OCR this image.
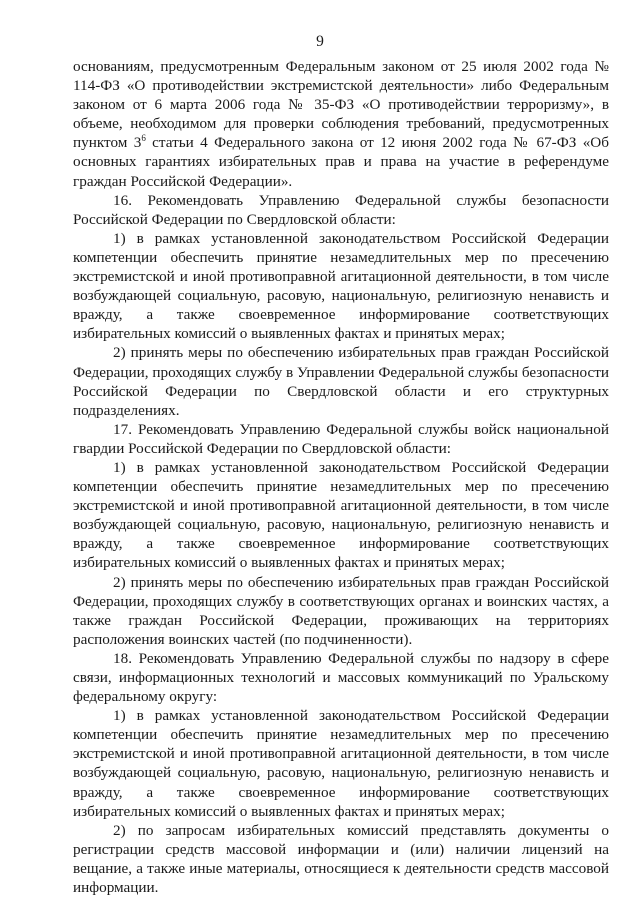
9

основаниям, предусмотренным Федеральным законом от 25 июля 2002 года № 114-ФЗ «О противодействии экстремистской деятельности» либо Федеральным законом от 6 марта 2006 года № 35-ФЗ «О противодействии терроризму», в объеме, необходимом для проверки соблюдения требований, предусмотренных пунктом $3^6$ статьи 4 Федерального закона от 12 июня 2002 года № 67-ФЗ «Об основных гарантиях избирательных прав и права на участие в референдуме граждан Российской Федерации».

16. Рекомендовать Управлению Федеральной службы безопасности Российской Федерации по Свердловской области:

1) в рамках установленной законодательством Российской Федерации компетенции обеспечить принятие незамедлительных мер по пресечению экстремистской и иной противоправной агитационной деятельности, в том числе возбуждающей социальную, расовую, национальную, религиозную ненависть и вражду, а также своевременное информирование соответствующих избирательных комиссий о выявленных фактах и принятых мерах;

2) принять меры по обеспечению избирательных прав граждан Российской Федерации, проходящих службу в Управлении Федеральной службы безопасности Российской Федерации по Свердловской области и его структурных подразделениях.

17. Рекомендовать Управлению Федеральной службы войск национальной гвардии Российской Федерации по Свердловской области:

1) в рамках установленной законодательством Российской Федерации компетенции обеспечить принятие незамедлительных мер по пресечению экстремистской и иной противоправной агитационной деятельности, в том числе возбуждающей социальную, расовую, национальную, религиозную ненависть и вражду, а также своевременное информирование соответствующих избирательных комиссий о выявленных фактах и принятых мерах;

2) принять меры по обеспечению избирательных прав граждан Российской Федерации, проходящих службу в соответствующих органах и воинских частях, а также граждан Российской Федерации, проживающих на территориях расположения воинских частей (по подчиненности).

18. Рекомендовать Управлению Федеральной службы по надзору в сфере связи, информационных технологий и массовых коммуникаций по Уральскому федеральному округу:

1) в рамках установленной законодательством Российской Федерации компетенции обеспечить принятие незамедлительных мер по пресечению экстремистской и иной противоправной агитационной деятельности, в том числе возбуждающей социальную, расовую, национальную, религиозную ненависть и вражду, а также своевременное информирование соответствующих избирательных комиссий о выявленных фактах и принятых мерах;

2) по запросам избирательных комиссий представлять документы о регистрации средств массовой информации и (или) наличии лицензий на вещание, а также иные материалы, относящиеся к деятельности средств массовой информации.
